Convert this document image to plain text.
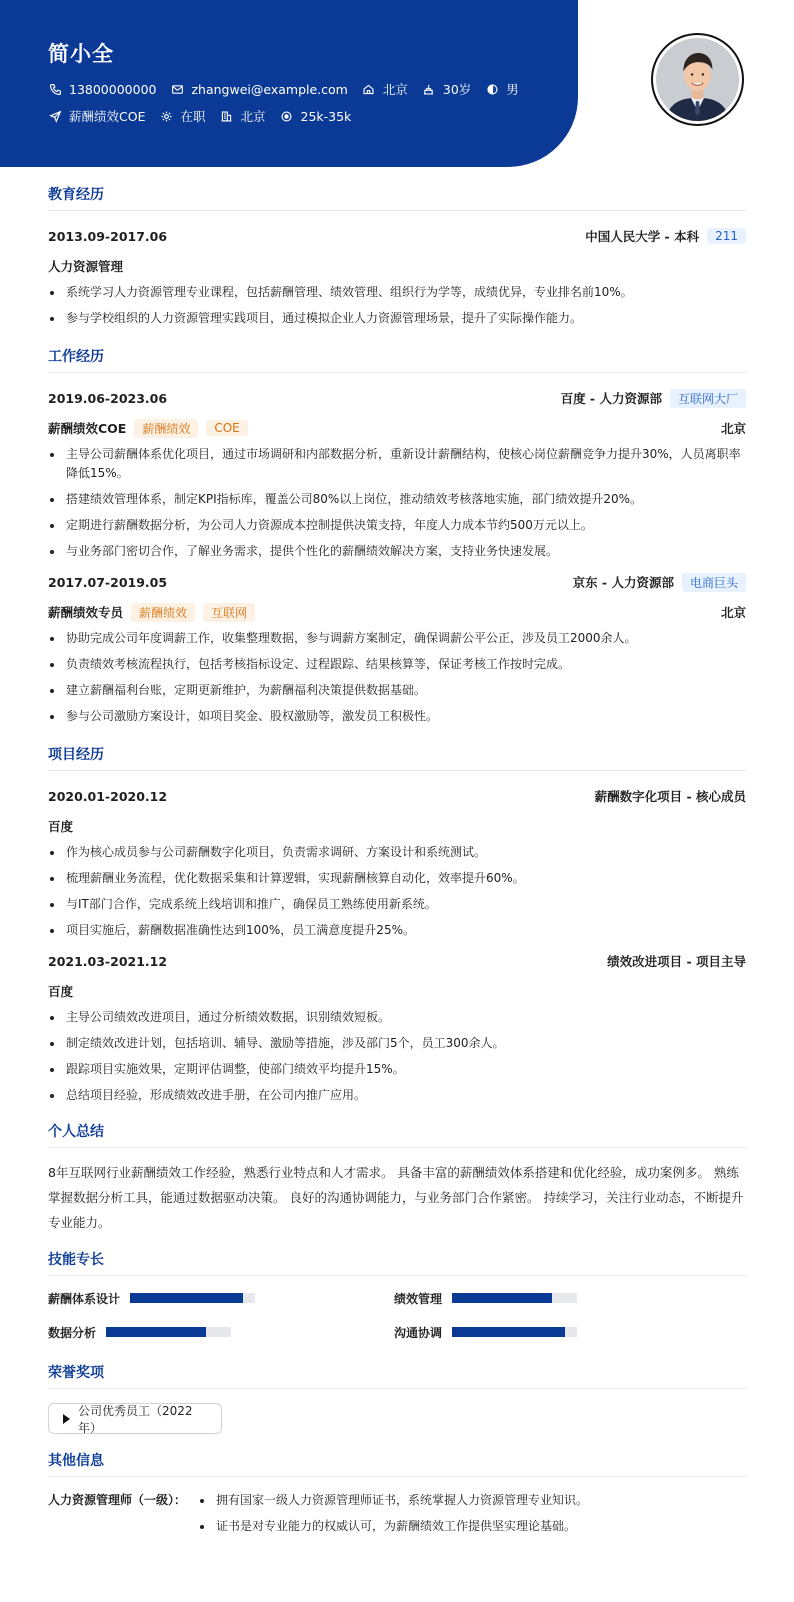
简小全
13800000000	zhangwei@example.com	北京	30岁	男
薪酬绩效COE	在职	北京	25k-35k
教育经历
2013.09-2017.06	中国人民大学 - 本科	211
人力资源管理
系统学习人力资源管理专业课程，包括薪酬管理、绩效管理、组织行为学等，成绩优异，专业排名前10%。
参与学校组织的人力资源管理实践项目，通过模拟企业人力资源管理场景，提升了实际操作能力。
工作经历
2019.06-2023.06	百度 - 人力资源部	互联网大厂
薪酬绩效COE	薪酬绩效	COE	北京
主导公司薪酬体系优化项目，通过市场调研和内部数据分析，重新设计薪酬结构，使核心岗位薪酬竞争力提升30%，人员离职率降低15%。
搭建绩效管理体系，制定KPI指标库，覆盖公司80%以上岗位，推动绩效考核落地实施，部门绩效提升20%。
定期进行薪酬数据分析，为公司人力资源成本控制提供决策支持，年度人力成本节约500万元以上。
与业务部门密切合作，了解业务需求，提供个性化的薪酬绩效解决方案，支持业务快速发展。
2017.07-2019.05	京东 - 人力资源部	电商巨头
薪酬绩效专员	薪酬绩效	互联网	北京
协助完成公司年度调薪工作，收集整理数据，参与调薪方案制定，确保调薪公平公正，涉及员工2000余人。
负责绩效考核流程执行，包括考核指标设定、过程跟踪、结果核算等，保证考核工作按时完成。
建立薪酬福利台账，定期更新维护，为薪酬福利决策提供数据基础。
参与公司激励方案设计，如项目奖金、股权激励等，激发员工积极性。
项目经历
2020.01-2020.12	薪酬数字化项目 - 核心成员
百度
作为核心成员参与公司薪酬数字化项目，负责需求调研、方案设计和系统测试。
梳理薪酬业务流程，优化数据采集和计算逻辑，实现薪酬核算自动化，效率提升60%。
与IT部门合作，完成系统上线培训和推广，确保员工熟练使用新系统。
项目实施后，薪酬数据准确性达到100%，员工满意度提升25%。
2021.03-2021.12	绩效改进项目 - 项目主导
百度
主导公司绩效改进项目，通过分析绩效数据，识别绩效短板。
制定绩效改进计划，包括培训、辅导、激励等措施，涉及部门5个，员工300余人。
跟踪项目实施效果，定期评估调整，使部门绩效平均提升15%。
总结项目经验，形成绩效改进手册，在公司内推广应用。
个人总结
8年互联网行业薪酬绩效工作经验，熟悉行业特点和人才需求。 具备丰富的薪酬绩效体系搭建和优化经验，成功案例多。 熟练掌握数据分析工具，能通过数据驱动决策。 良好的沟通协调能力，与业务部门合作紧密。 持续学习，关注行业动态，不断提升专业能力。
技能专长
薪酬体系设计	绩效管理
数据分析	沟通协调
荣誉奖项
公司优秀员工（2022年）
其他信息
人力资源管理师（一级）：	拥有国家一级人力资源管理师证书，系统掌握人力资源管理专业知识。
证书是对专业能力的权威认可，为薪酬绩效工作提供坚实理论基础。
